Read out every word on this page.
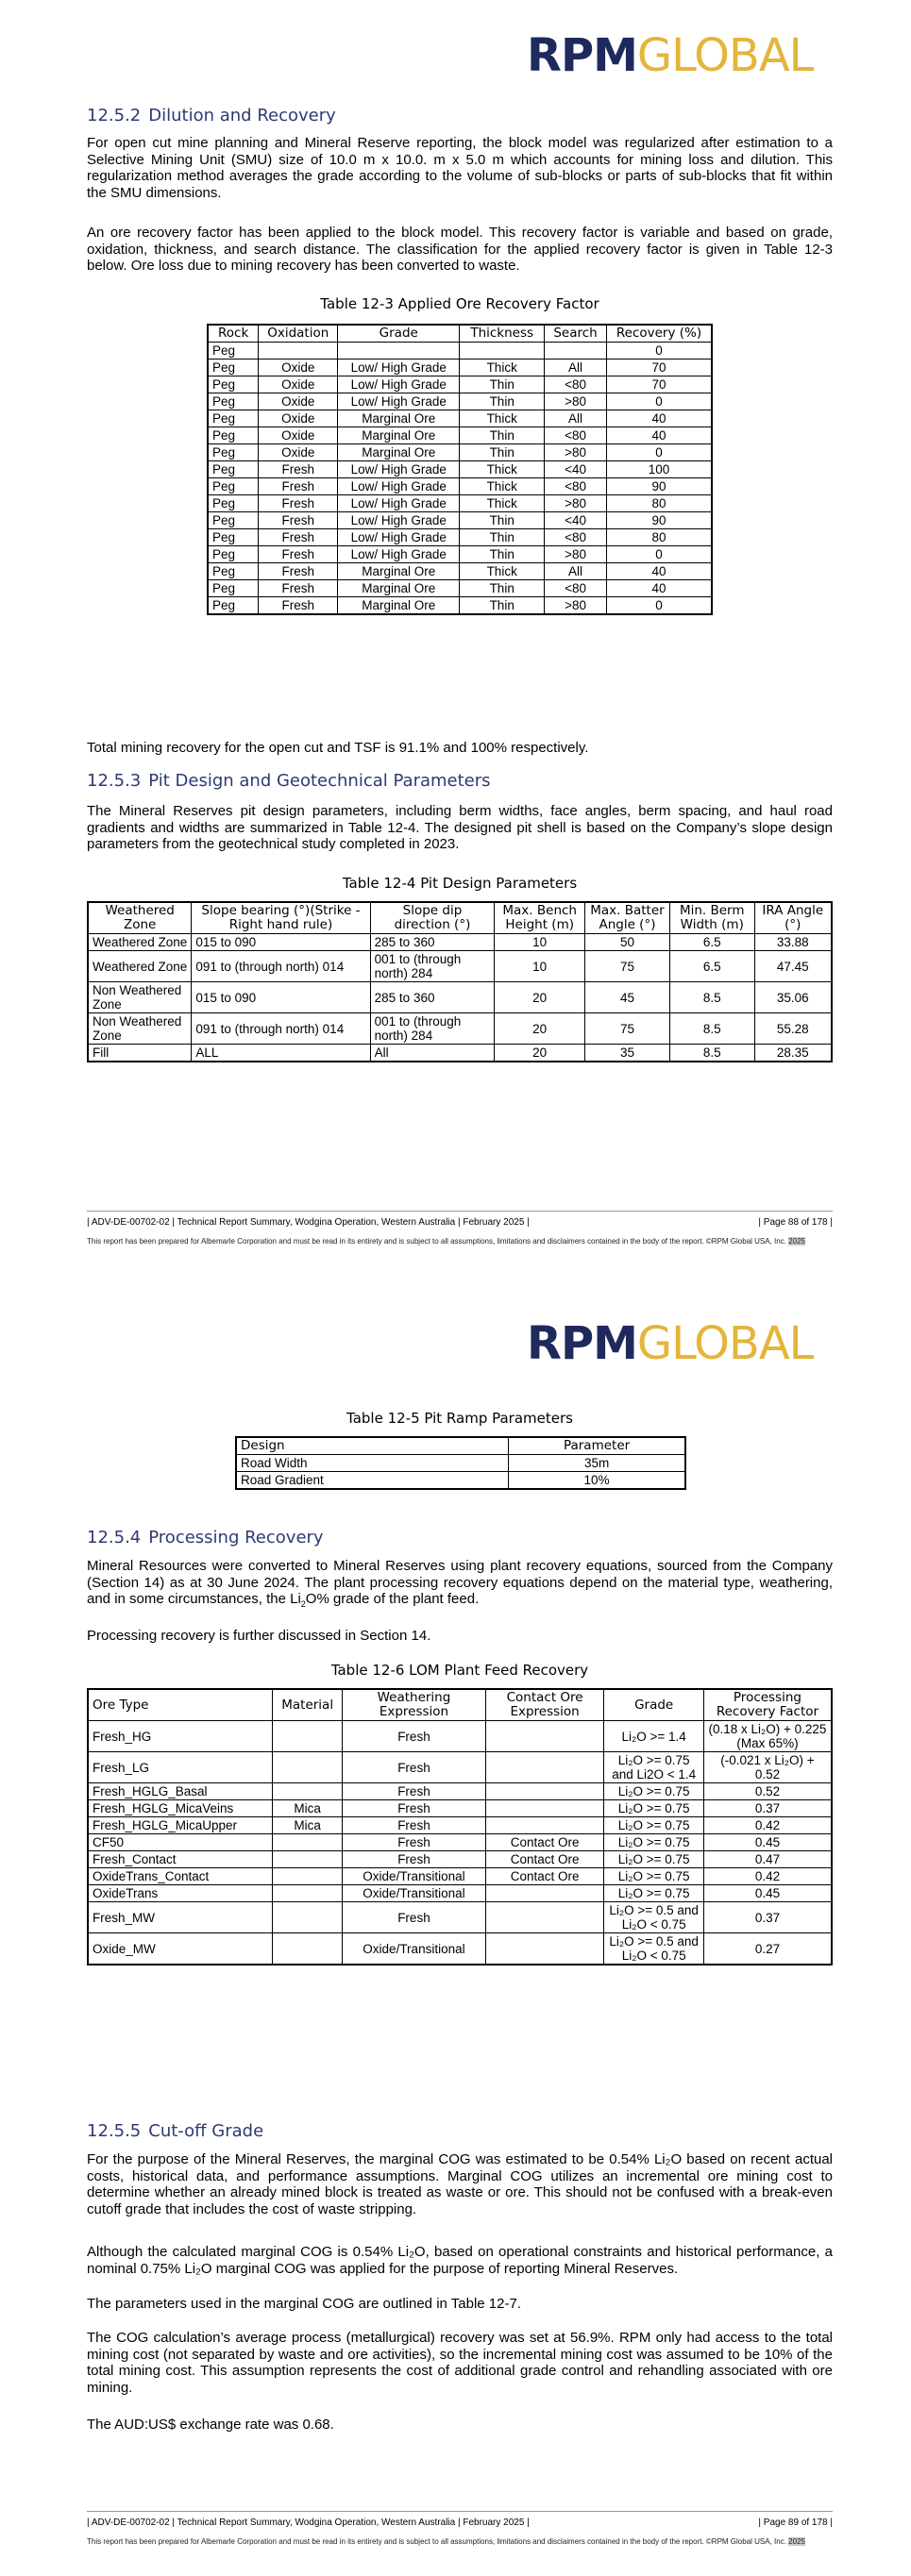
RPM GLOBAL
12.5.2 Dilution and Recovery

For open cut mine planning and Mineral Reserve reporting, the block model was regularized after estimation to a Selective Mining Unit (SMU) size of 10.0 m x 10.0. m x 5.0 m which accounts for mining loss and dilution. This regularization method averages the grade according to the volume of sub-blocks or parts of sub-blocks that fit within the SMU dimensions.

An ore recovery factor has been applied to the block model. This recovery factor is variable and based on grade, oxidation, thickness, and search distance. The classification for the applied recovery factor is given in Table 12-3 below. Ore loss due to mining recovery has been converted to waste.

Table 12-3 Applied Ore Recovery Factor
Rock	Oxidation	Grade	Thickness	Search	Recovery (%)
Peg					0
Peg	Oxide	Low/ High Grade	Thick	All	70
Peg	Oxide	Low/ High Grade	Thin	<80	70
Peg	Oxide	Low/ High Grade	Thin	>80	0
Peg	Oxide	Marginal Ore	Thick	All	40
Peg	Oxide	Marginal Ore	Thin	<80	40
Peg	Oxide	Marginal Ore	Thin	>80	0
Peg	Fresh	Low/ High Grade	Thick	<40	100
Peg	Fresh	Low/ High Grade	Thick	<80	90
Peg	Fresh	Low/ High Grade	Thick	>80	80
Peg	Fresh	Low/ High Grade	Thin	<40	90
Peg	Fresh	Low/ High Grade	Thin	<80	80
Peg	Fresh	Low/ High Grade	Thin	>80	0
Peg	Fresh	Marginal Ore	Thick	All	40
Peg	Fresh	Marginal Ore	Thin	<80	40
Peg	Fresh	Marginal Ore	Thin	>80	0

Total mining recovery for the open cut and TSF is 91.1% and 100% respectively.

12.5.3 Pit Design and Geotechnical Parameters

The Mineral Reserves pit design parameters, including berm widths, face angles, berm spacing, and haul road gradients and widths are summarized in Table 12-4. The designed pit shell is based on the Company’s slope design parameters from the geotechnical study completed in 2023.

Table 12-4 Pit Design Parameters
Weathered Zone	Slope bearing (°)(Strike - Right hand rule)	Slope dip direction (°)	Max. Bench Height (m)	Max. Batter Angle (°)	Min. Berm Width (m)	IRA Angle (°)
Weathered Zone	015 to 090	285 to 360	10	50	6.5	33.88
Weathered Zone	091 to (through north) 014	001 to (through north) 284	10	75	6.5	47.45
Non Weathered Zone	015 to 090	285 to 360	20	45	8.5	35.06
Non Weathered Zone	091 to (through north) 014	001 to (through north) 284	20	75	8.5	55.28
Fill	ALL	All	20	35	8.5	28.35
| ADV-DE-00702-02 | Technical Report Summary, Wodgina Operation, Western Australia | February 2025 |	| Page 88 of 178 |
This report has been prepared for Albemarle Corporation and must be read in its entirety and is subject to all assumptions, limitations and disclaimers contained in the body of the report. ©RPM Global USA, Inc. 2025
RPM GLOBAL
Table 12-5 Pit Ramp Parameters
Design	Parameter
Road Width	35m
Road Gradient	10%
12.5.4 Processing Recovery

Mineral Resources were converted to Mineral Reserves using plant recovery equations, sourced from the Company (Section 14) as at 30 June 2024. The plant processing recovery equations depend on the material type, weathering, and in some circumstances, the $Li_2O\%$ grade of the plant feed.

Processing recovery is further discussed in Section 14.

Table 12-6 LOM Plant Feed Recovery
Ore Type	Material	Weathering Expression	Contact Ore Expression	Grade	Processing Recovery Factor
Fresh_HG		Fresh		Li₂O >= 1.4	(0.18 x Li₂O) + 0.225 (Max 65%)
Fresh_LG		Fresh		Li₂O >= 0.75 and Li2O < 1.4	(-0.021 x Li₂O) + 0.52
Fresh_HGLG_Basal		Fresh		Li₂O >= 0.75	0.52
Fresh_HGLG_MicaVeins	Mica	Fresh		Li₂O >= 0.75	0.37
Fresh_HGLG_MicaUpper	Mica	Fresh		Li₂O >= 0.75	0.42
CF50		Fresh	Contact Ore	Li₂O >= 0.75	0.45
Fresh_Contact		Fresh	Contact Ore	Li₂O >= 0.75	0.47
OxideTrans_Contact		Oxide/Transitional	Contact Ore	Li₂O >= 0.75	0.42
OxideTrans		Oxide/Transitional		Li₂O >= 0.75	0.45
Fresh_MW		Fresh		Li₂O >= 0.5 and Li₂O < 0.75	0.37
Oxide_MW		Oxide/Transitional		Li₂O >= 0.5 and Li₂O < 0.75	0.27
12.5.5 Cut-off Grade

For the purpose of the Mineral Reserves, the marginal COG was estimated to be 0.54% Li₂O based on recent actual costs, historical data, and performance assumptions. Marginal COG utilizes an incremental ore mining cost to determine whether an already mined block is treated as waste or ore. This should not be confused with a break-even cutoff grade that includes the cost of waste stripping.

Although the calculated marginal COG is 0.54% Li₂O, based on operational constraints and historical performance, a nominal 0.75% Li₂O marginal COG was applied for the purpose of reporting Mineral Reserves.

The parameters used in the marginal COG are outlined in Table 12-7.

The COG calculation’s average process (metallurgical) recovery was set at 56.9%. RPM only had access to the total mining cost (not separated by waste and ore activities), so the incremental mining cost was assumed to be 10% of the total mining cost. This assumption represents the cost of additional grade control and rehandling associated with ore mining.

The AUD:US$ exchange rate was 0.68.

| ADV-DE-00702-02 | Technical Report Summary, Wodgina Operation, Western Australia | February 2025 |	| Page 89 of 178 |
This report has been prepared for Albemarle Corporation and must be read in its entirety and is subject to all assumptions, limitations and disclaimers contained in the body of the report. ©RPM Global USA, Inc. 2025
